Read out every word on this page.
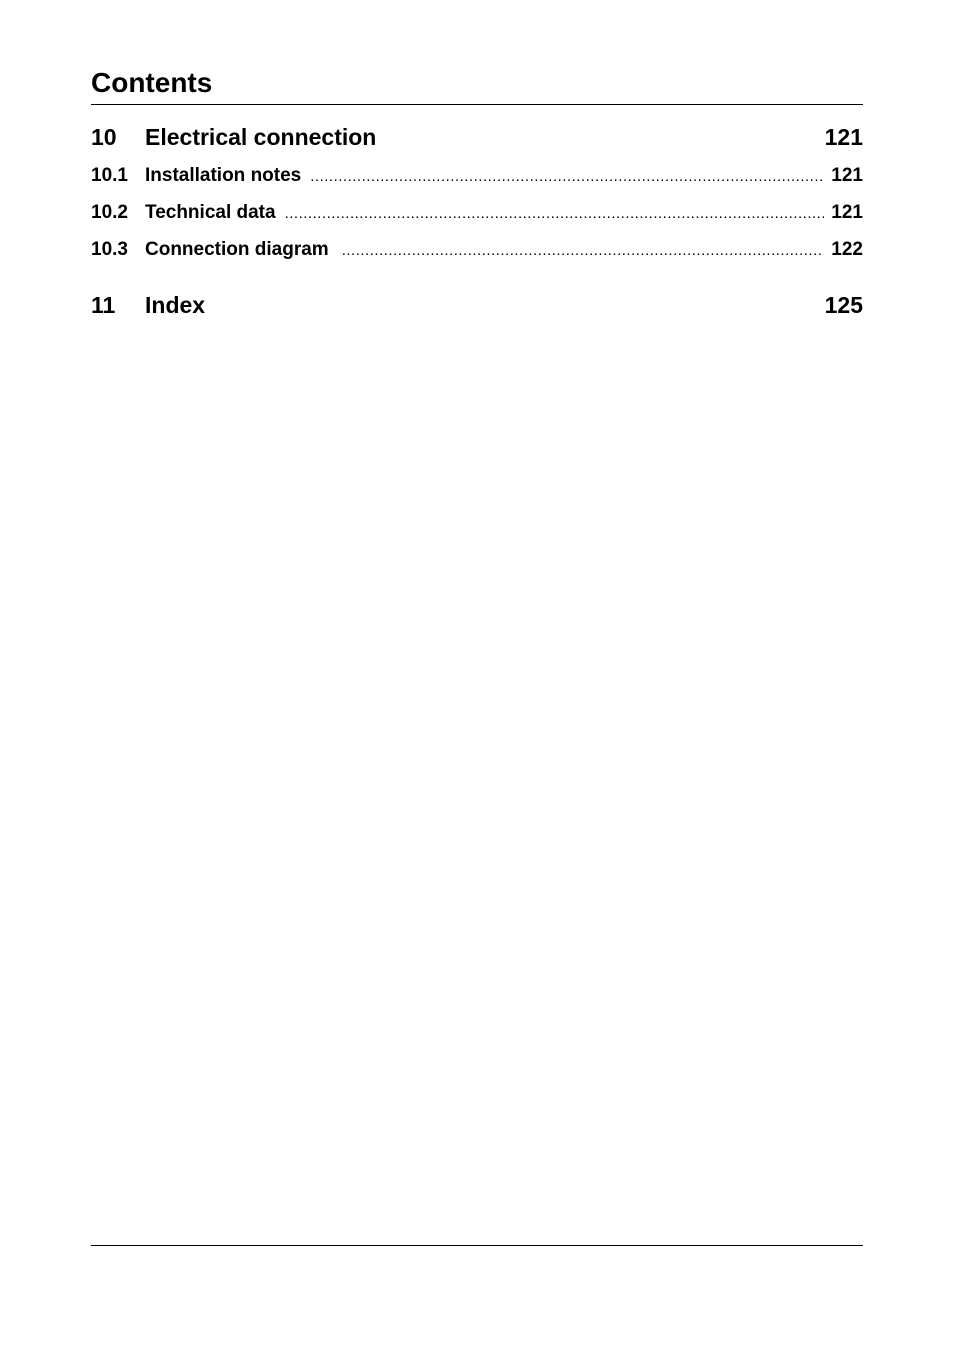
Contents
10	Electrical connection	121
10.1 Installation notes .....	121
10.2 Technical data .....	121
10.3 Connection diagram .....	122
11	Index	125
